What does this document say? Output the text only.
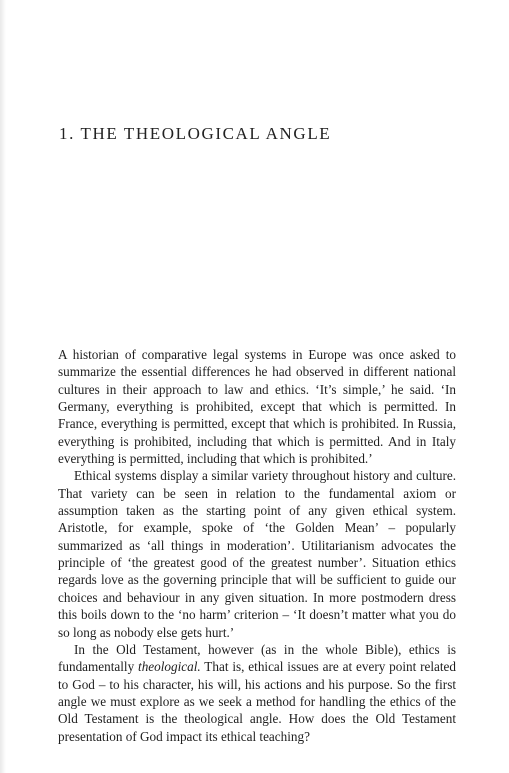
1. THE THEOLOGICAL ANGLE

A historian of comparative legal systems in Europe was once asked to summarize the essential differences he had observed in different national cultures in their approach to law and ethics. ‘It’s simple,’ he said. ‘In Germany, everything is prohibited, except that which is permitted. In France, everything is permitted, except that which is prohibited. In Russia, everything is prohibited, including that which is permitted. And in Italy everything is permitted, including that which is prohibited.’

Ethical systems display a similar variety throughout history and culture. That variety can be seen in relation to the fundamental axiom or assumption taken as the starting point of any given ethical system. Aristotle, for example, spoke of ‘the Golden Mean’ – popularly summarized as ‘all things in moderation’. Utilitarianism advocates the principle of ‘the greatest good of the greatest number’. Situation ethics regards love as the governing principle that will be sufficient to guide our choices and behaviour in any given situation. In more postmodern dress this boils down to the ‘no harm’ criterion – ‘It doesn’t matter what you do so long as nobody else gets hurt.’

In the Old Testament, however (as in the whole Bible), ethics is fundamentally theological. That is, ethical issues are at every point related to God – to his character, his will, his actions and his purpose. So the first angle we must explore as we seek a method for handling the ethics of the Old Testament is the theological angle. How does the Old Testament presentation of God impact its ethical teaching?
